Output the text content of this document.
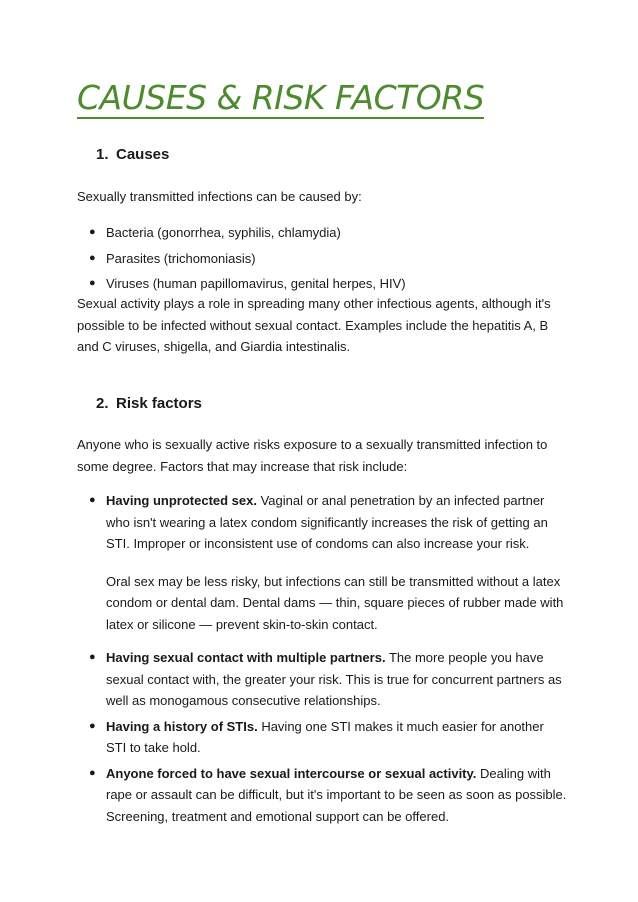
CAUSES & RISK FACTORS
1. Causes

Sexually transmitted infections can be caused by:

● Bacteria (gonorrhea, syphilis, chlamydia)
● Parasites (trichomoniasis)
● Viruses (human papillomavirus, genital herpes, HIV)

Sexual activity plays a role in spreading many other infectious agents, although it's possible to be infected without sexual contact. Examples include the hepatitis A, B and C viruses, shigella, and Giardia intestinalis.

2. Risk factors

Anyone who is sexually active risks exposure to a sexually transmitted infection to some degree. Factors that may increase that risk include:

● Having unprotected sex. Vaginal or anal penetration by an infected partner who isn't wearing a latex condom significantly increases the risk of getting an STI. Improper or inconsistent use of condoms can also increase your risk.
Oral sex may be less risky, but infections can still be transmitted without a latex condom or dental dam. Dental dams — thin, square pieces of rubber made with latex or silicone — prevent skin-to-skin contact.
● Having sexual contact with multiple partners. The more people you have sexual contact with, the greater your risk. This is true for concurrent partners as well as monogamous consecutive relationships.
● Having a history of STIs. Having one STI makes it much easier for another STI to take hold.
● Anyone forced to have sexual intercourse or sexual activity. Dealing with rape or assault can be difficult, but it's important to be seen as soon as possible. Screening, treatment and emotional support can be offered.
